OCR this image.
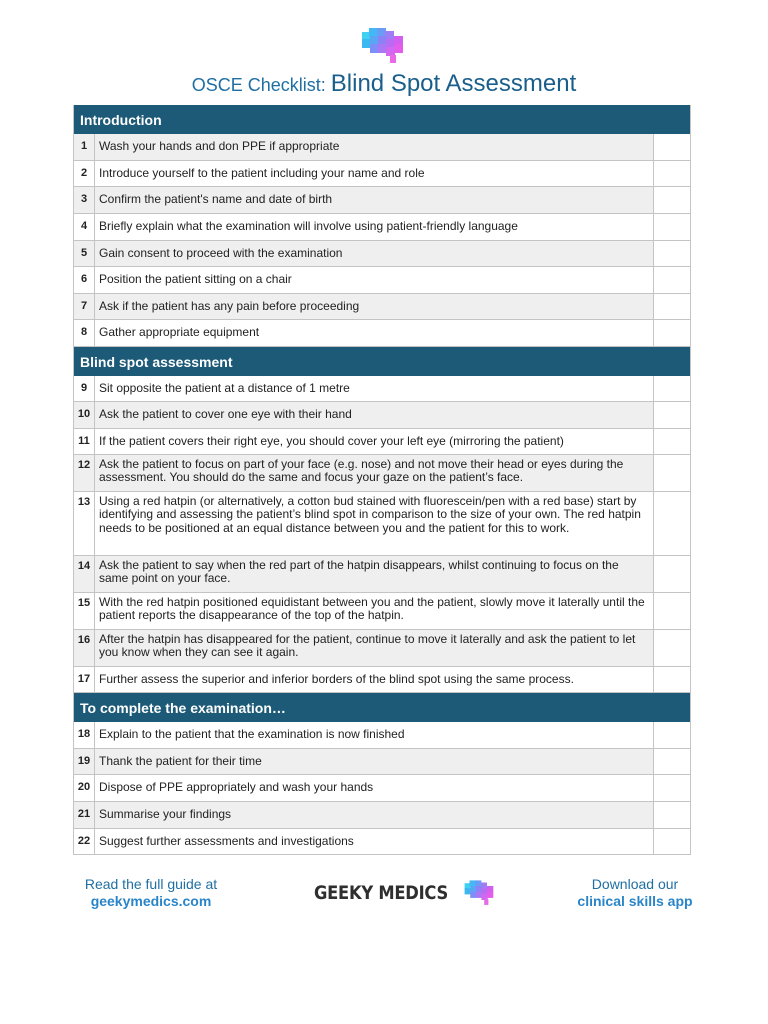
OSCE Checklist: Blind Spot Assessment
Introduction
1 Wash your hands and don PPE if appropriate
2 Introduce yourself to the patient including your name and role
3 Confirm the patient's name and date of birth
4 Briefly explain what the examination will involve using patient-friendly language
5 Gain consent to proceed with the examination
6 Position the patient sitting on a chair
7 Ask if the patient has any pain before proceeding
8 Gather appropriate equipment
Blind spot assessment
9 Sit opposite the patient at a distance of 1 metre
10 Ask the patient to cover one eye with their hand
11 If the patient covers their right eye, you should cover your left eye (mirroring the patient)
12 Ask the patient to focus on part of your face (e.g. nose) and not move their head or eyes during the assessment. You should do the same and focus your gaze on the patient’s face.
13 Using a red hatpin (or alternatively, a cotton bud stained with fluorescein/pen with a red base) start by identifying and assessing the patient’s blind spot in comparison to the size of your own. The red hatpin needs to be positioned at an equal distance between you and the patient for this to work.
14 Ask the patient to say when the red part of the hatpin disappears, whilst continuing to focus on the same point on your face.
15 With the red hatpin positioned equidistant between you and the patient, slowly move it laterally until the patient reports the disappearance of the top of the hatpin.
16 After the hatpin has disappeared for the patient, continue to move it laterally and ask the patient to let you know when they can see it again.
17 Further assess the superior and inferior borders of the blind spot using the same process.
To complete the examination…
18 Explain to the patient that the examination is now finished
19 Thank the patient for their time
20 Dispose of PPE appropriately and wash your hands
21 Summarise your findings
22 Suggest further assessments and investigations
Read the full guide at
geekymedics.com	GEEKY MEDICS	Download our
clinical skills app
